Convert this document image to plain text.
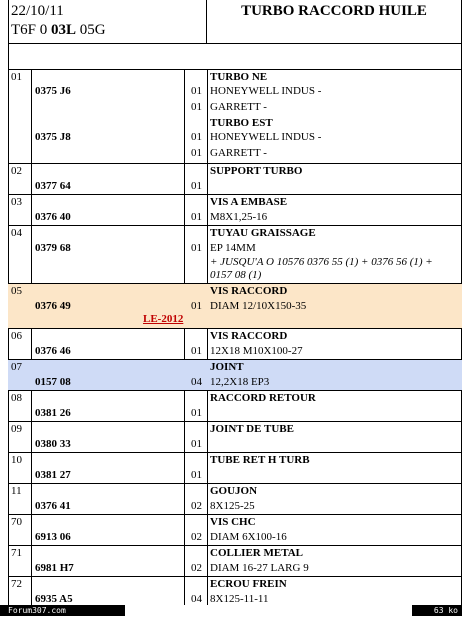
22/10/11
T6F 0 03L 05G
TURBO RACCORD HUILE
01	TURBO NE
0375 J6	01 HONEYWELL INDUS -
01 GARRETT -
TURBO EST
0375 J8	01 HONEYWELL INDUS -
01 GARRETT -
02	SUPPORT TURBO
0377 64	01
03	VIS A EMBASE
0376 40	01 M8X1,25-16
04	TUYAU GRAISSAGE
0379 68	01 EP 14MM
+ JUSQU'A O 10576 0376 55 (1) + 0376 56 (1) + 0157 08 (1)
05	VIS RACCORD
0376 49	01 DIAM 12/10X150-35
LE-2012
06	VIS RACCORD
0376 46	01 12X18 M10X100-27
07	JOINT
0157 08	04 12,2X18 EP3
08	RACCORD RETOUR
0381 26	01
09	JOINT DE TUBE
0380 33	01
10	TUBE RET H TURB
0381 27	01
11	GOUJON
0376 41	02 8X125-25
70	VIS CHC
6913 06	02 DIAM 6X100-16
71	COLLIER METAL
6981 H7	02 DIAM 16-27 LARG 9
72	ECROU FREIN
6935 A5	04 8X125-11-11
Forum307.com	63 ko
